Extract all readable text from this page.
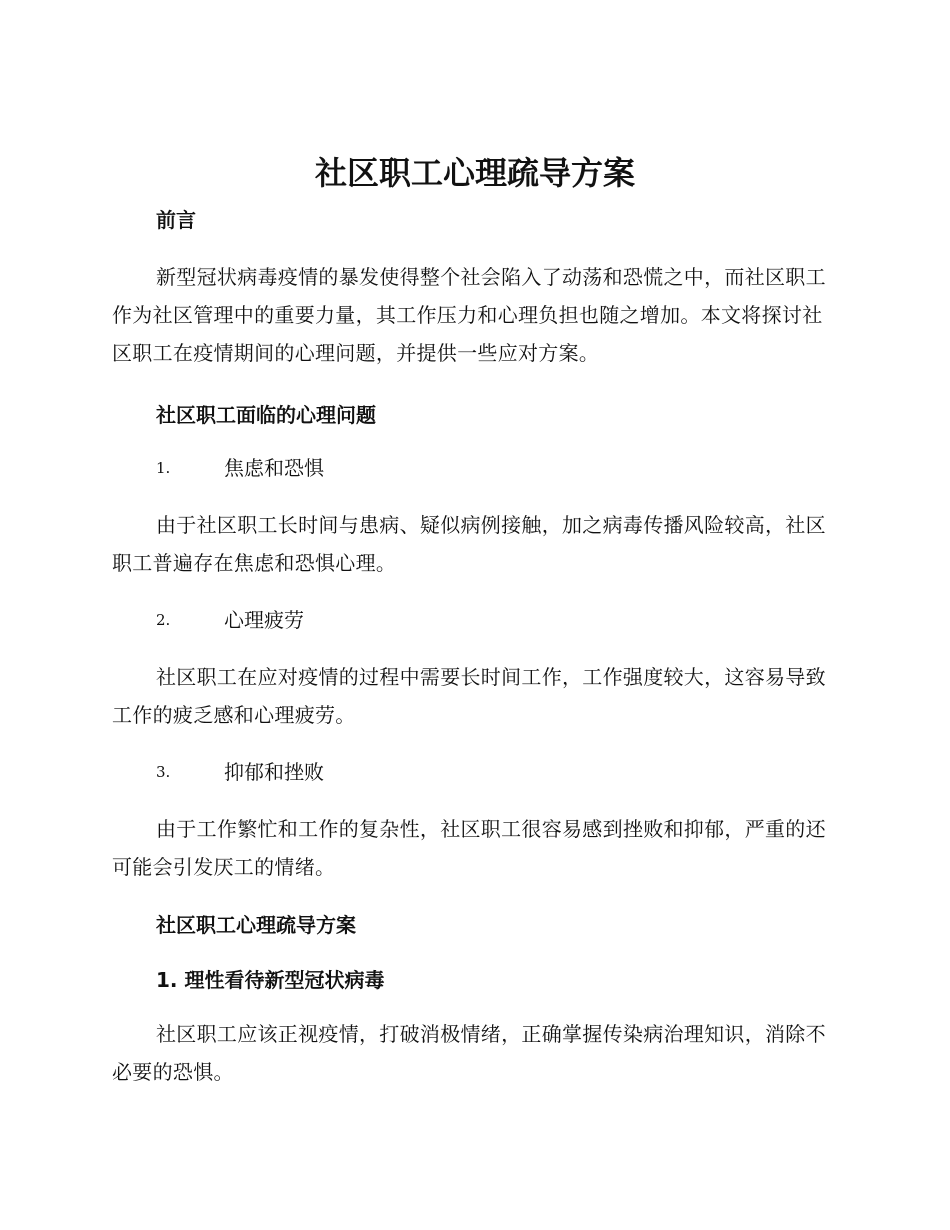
社区职工心理疏导方案
前言

新型冠状病毒疫情的暴发使得整个社会陷入了动荡和恐慌之中，而社区职工作为社区管理中的重要力量，其工作压力和心理负担也随之增加。本文将探讨社区职工在疫情期间的心理问题，并提供一些应对方案。

社区职工面临的心理问题
1.	焦虑和恐惧

由于社区职工长时间与患病、疑似病例接触，加之病毒传播风险较高，社区职工普遍存在焦虑和恐惧心理。

2.	心理疲劳

社区职工在应对疫情的过程中需要长时间工作，工作强度较大，这容易导致工作的疲乏感和心理疲劳。

3.	抑郁和挫败

由于工作繁忙和工作的复杂性，社区职工很容易感到挫败和抑郁，严重的还可能会引发厌工的情绪。

社区职工心理疏导方案
1. 理性看待新型冠状病毒

社区职工应该正视疫情，打破消极情绪，正确掌握传染病治理知识，消除不必要的恐惧。
